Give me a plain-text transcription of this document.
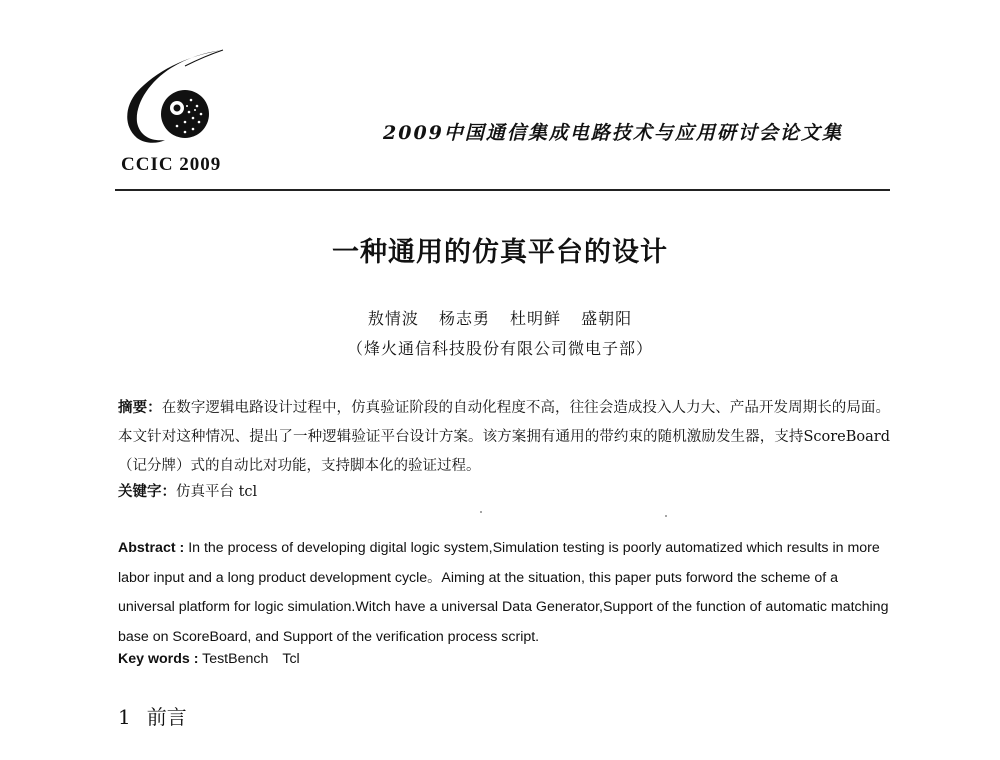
CCIC 2009
2009中国通信集成电路技术与应用研讨会论文集
一种通用的仿真平台的设计
敖情波 杨志勇 杜明鲜 盛朝阳
（烽火通信科技股份有限公司微电子部）
摘要：在数字逻辑电路设计过程中，仿真验证阶段的自动化程度不高，往往会造成投入人力大、产品开发周期长的局面。本文针对这种情况、提出了一种逻辑验证平台设计方案。该方案拥有通用的带约束的随机激励发生器，支持ScoreBoard（记分牌）式的自动比对功能，支持脚本化的验证过程。
关键字：仿真平台 tcl
Abstract : In the process of developing digital logic system,Simulation testing is poorly automatized which results in more labor input and a long product development cycle。Aiming at the situation, this paper puts forword the scheme of a universal platform for logic simulation.Witch have a universal Data Generator,Support of the function of automatic matching base on ScoreBoard, and Support of the verification process script.
Key words : TestBench Tcl
1 前言
